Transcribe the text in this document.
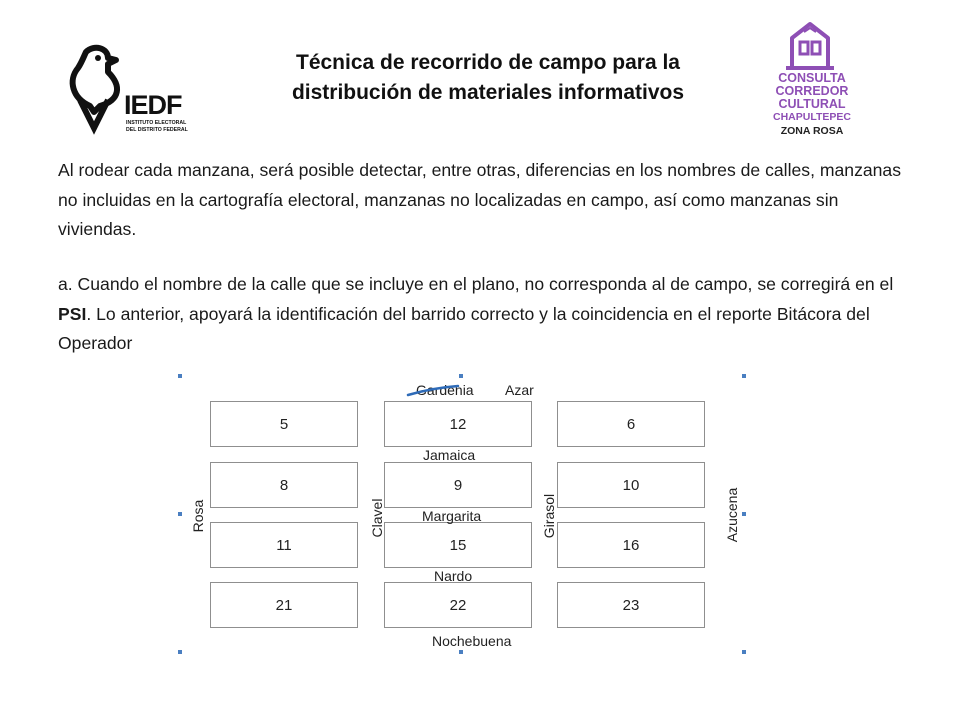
IEDF
INSTITUTO ELECTORAL
DEL DISTRITO FEDERAL
Técnica de recorrido de campo para la
distribución de materiales informativos
CONSULTA
CORREDOR
CULTURAL
CHAPULTEPEC
ZONA ROSA
Al rodear cada manzana, será posible detectar, entre otras, diferencias en los nombres de calles, manzanas no incluidas en la cartografía electoral, manzanas no localizadas en campo, así como manzanas sin viviendas.
a. Cuando el nombre de la calle que se incluye en el plano, no corresponda al de campo, se corregirá en el PSI. Lo anterior, apoyará la identificación del barrido correcto y la coincidencia en el reporte Bitácora del Operador
5	12	6
8	9	10
11	15	16
21	22	23
Gardenia Azar
Jamaica
Margarita
Nardo
Nochebuena
Rosa	Clavel	Girasol	Azucena
